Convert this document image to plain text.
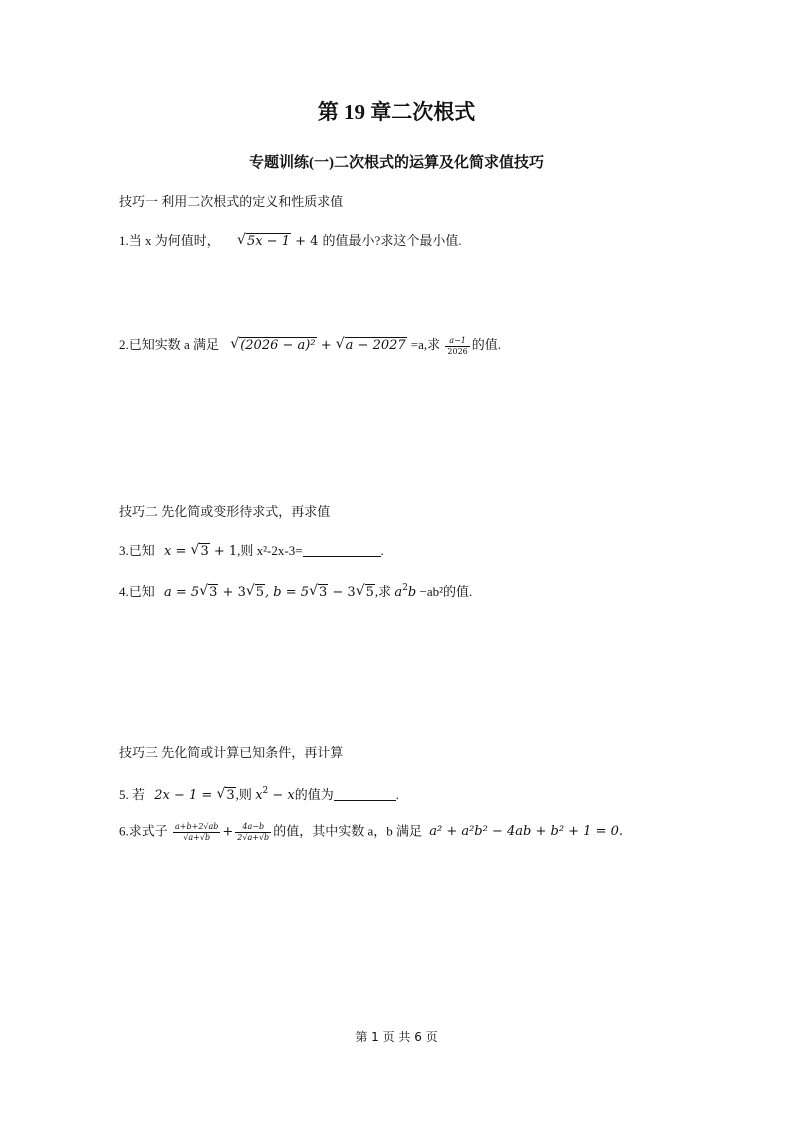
第 19 章二次根式
专题训练(一)二次根式的运算及化简求值技巧
技巧一 利用二次根式的定义和性质求值
1.当 x 为何值时， √5x − 1 + 4 的值最小?求这个最小值.
2.已知实数 a 满足 √(2026 − a)² + √a − 2027 =a,求 $\frac{a-1}{2026}$ 的值.
技巧二 先化简或变形待求式，再求值
3.已知 x = √3 + 1,则 x²-2x-3=	.
4.已知 a = 5√3 + 3√5, b = 5√3 − 3√5,求 $a^2b -ab^2$的值.
技巧三 先化简或计算已知条件，再计算
5. 若 2x − 1 = √3,则 $x^2 - x$的值为	.
6.求式子 $\frac{a+b+2√ab}{√a+√b} + \frac{4a-b}{2√a+√b}$ 的值，其中实数 a，b 满足 a² + a²b² − 4ab + b² + 1 = 0.
第 1 页 共 6 页
